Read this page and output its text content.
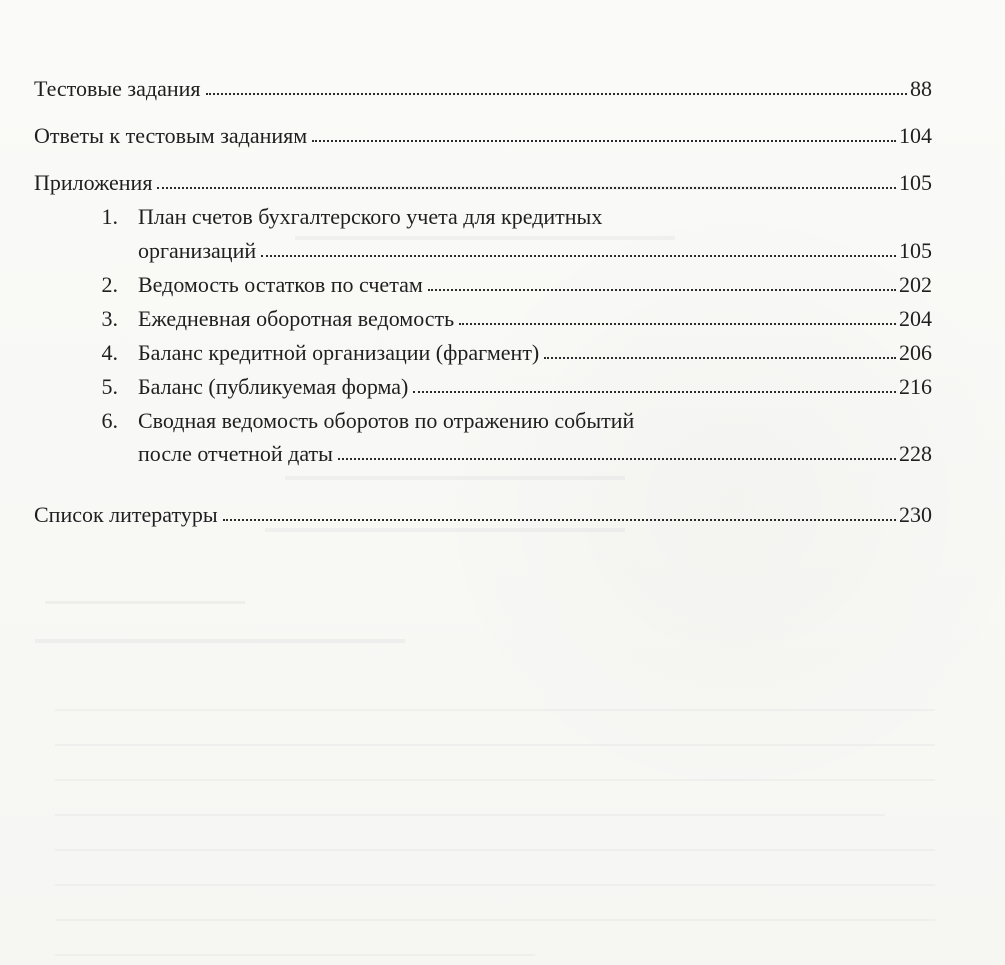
Тестовые задания	88
Ответы к тестовым заданиям	104
Приложения	105
1. План счетов бухгалтерского учета для кредитных
организаций	105
2. Ведомость остатков по счетам	202
3. Ежедневная оборотная ведомость	204
4. Баланс кредитной организации (фрагмент)	206
5. Баланс (публикуемая форма)	216
6. Сводная ведомость оборотов по отражению событий
после отчетной даты	228
Список литературы	230
